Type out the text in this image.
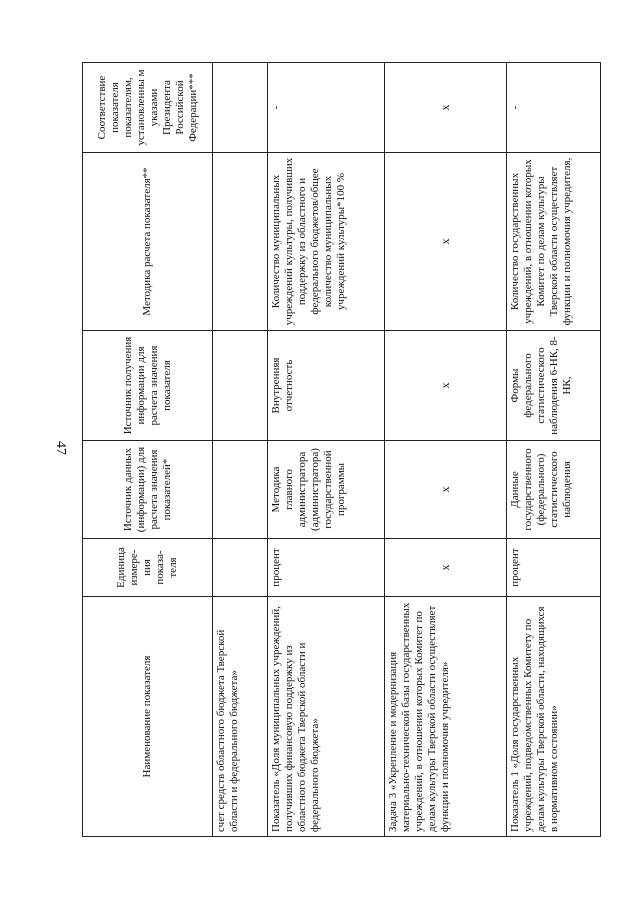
47
Наименование показателя	Единица измере-ния показа-теля	Источник данных (информации) для расчета значения показателей*	Источник получения информации для расчета значения показателя	Методика расчета показателя**	Соответствие показателя показателям, установленны м указами Президента Российской Федерации***
счет средств областного бюджета Тверской области и федерального бюджета»					
Показатель «Доля муниципальных учреждений, получивших финансовую поддержку из областного бюджета Тверской области и федерального бюджета»	процент	Методика главного администратора (администратора) государственной программы	Внутренняя отчетность	Количество муниципальных учреждений культуры, получивших поддержку из областного и федерального бюджетов/общее количество муниципальных учреждений культуры*100 %	-
Задача 3 «Укрепление и модернизация материально-технической базы государственных учреждений, в отношении которых Комитет по делам культуры Тверской области осуществляет функции и полномочия учредителя»	х	х	х	х	х
Показатель 1 «Доля государственных учреждений, подведомственных Комитету по делам культуры Тверской области, находящихся в нормативном состоянии»	процент	Данные государственного (федерального) статистического наблюдения	Формы федерального статистического наблюдения 6-НК, 8-НК,	Количество государственных учреждений, в отношении которых Комитет по делам культуры Тверской области осуществляет функции и полномочия учредителя,	-
